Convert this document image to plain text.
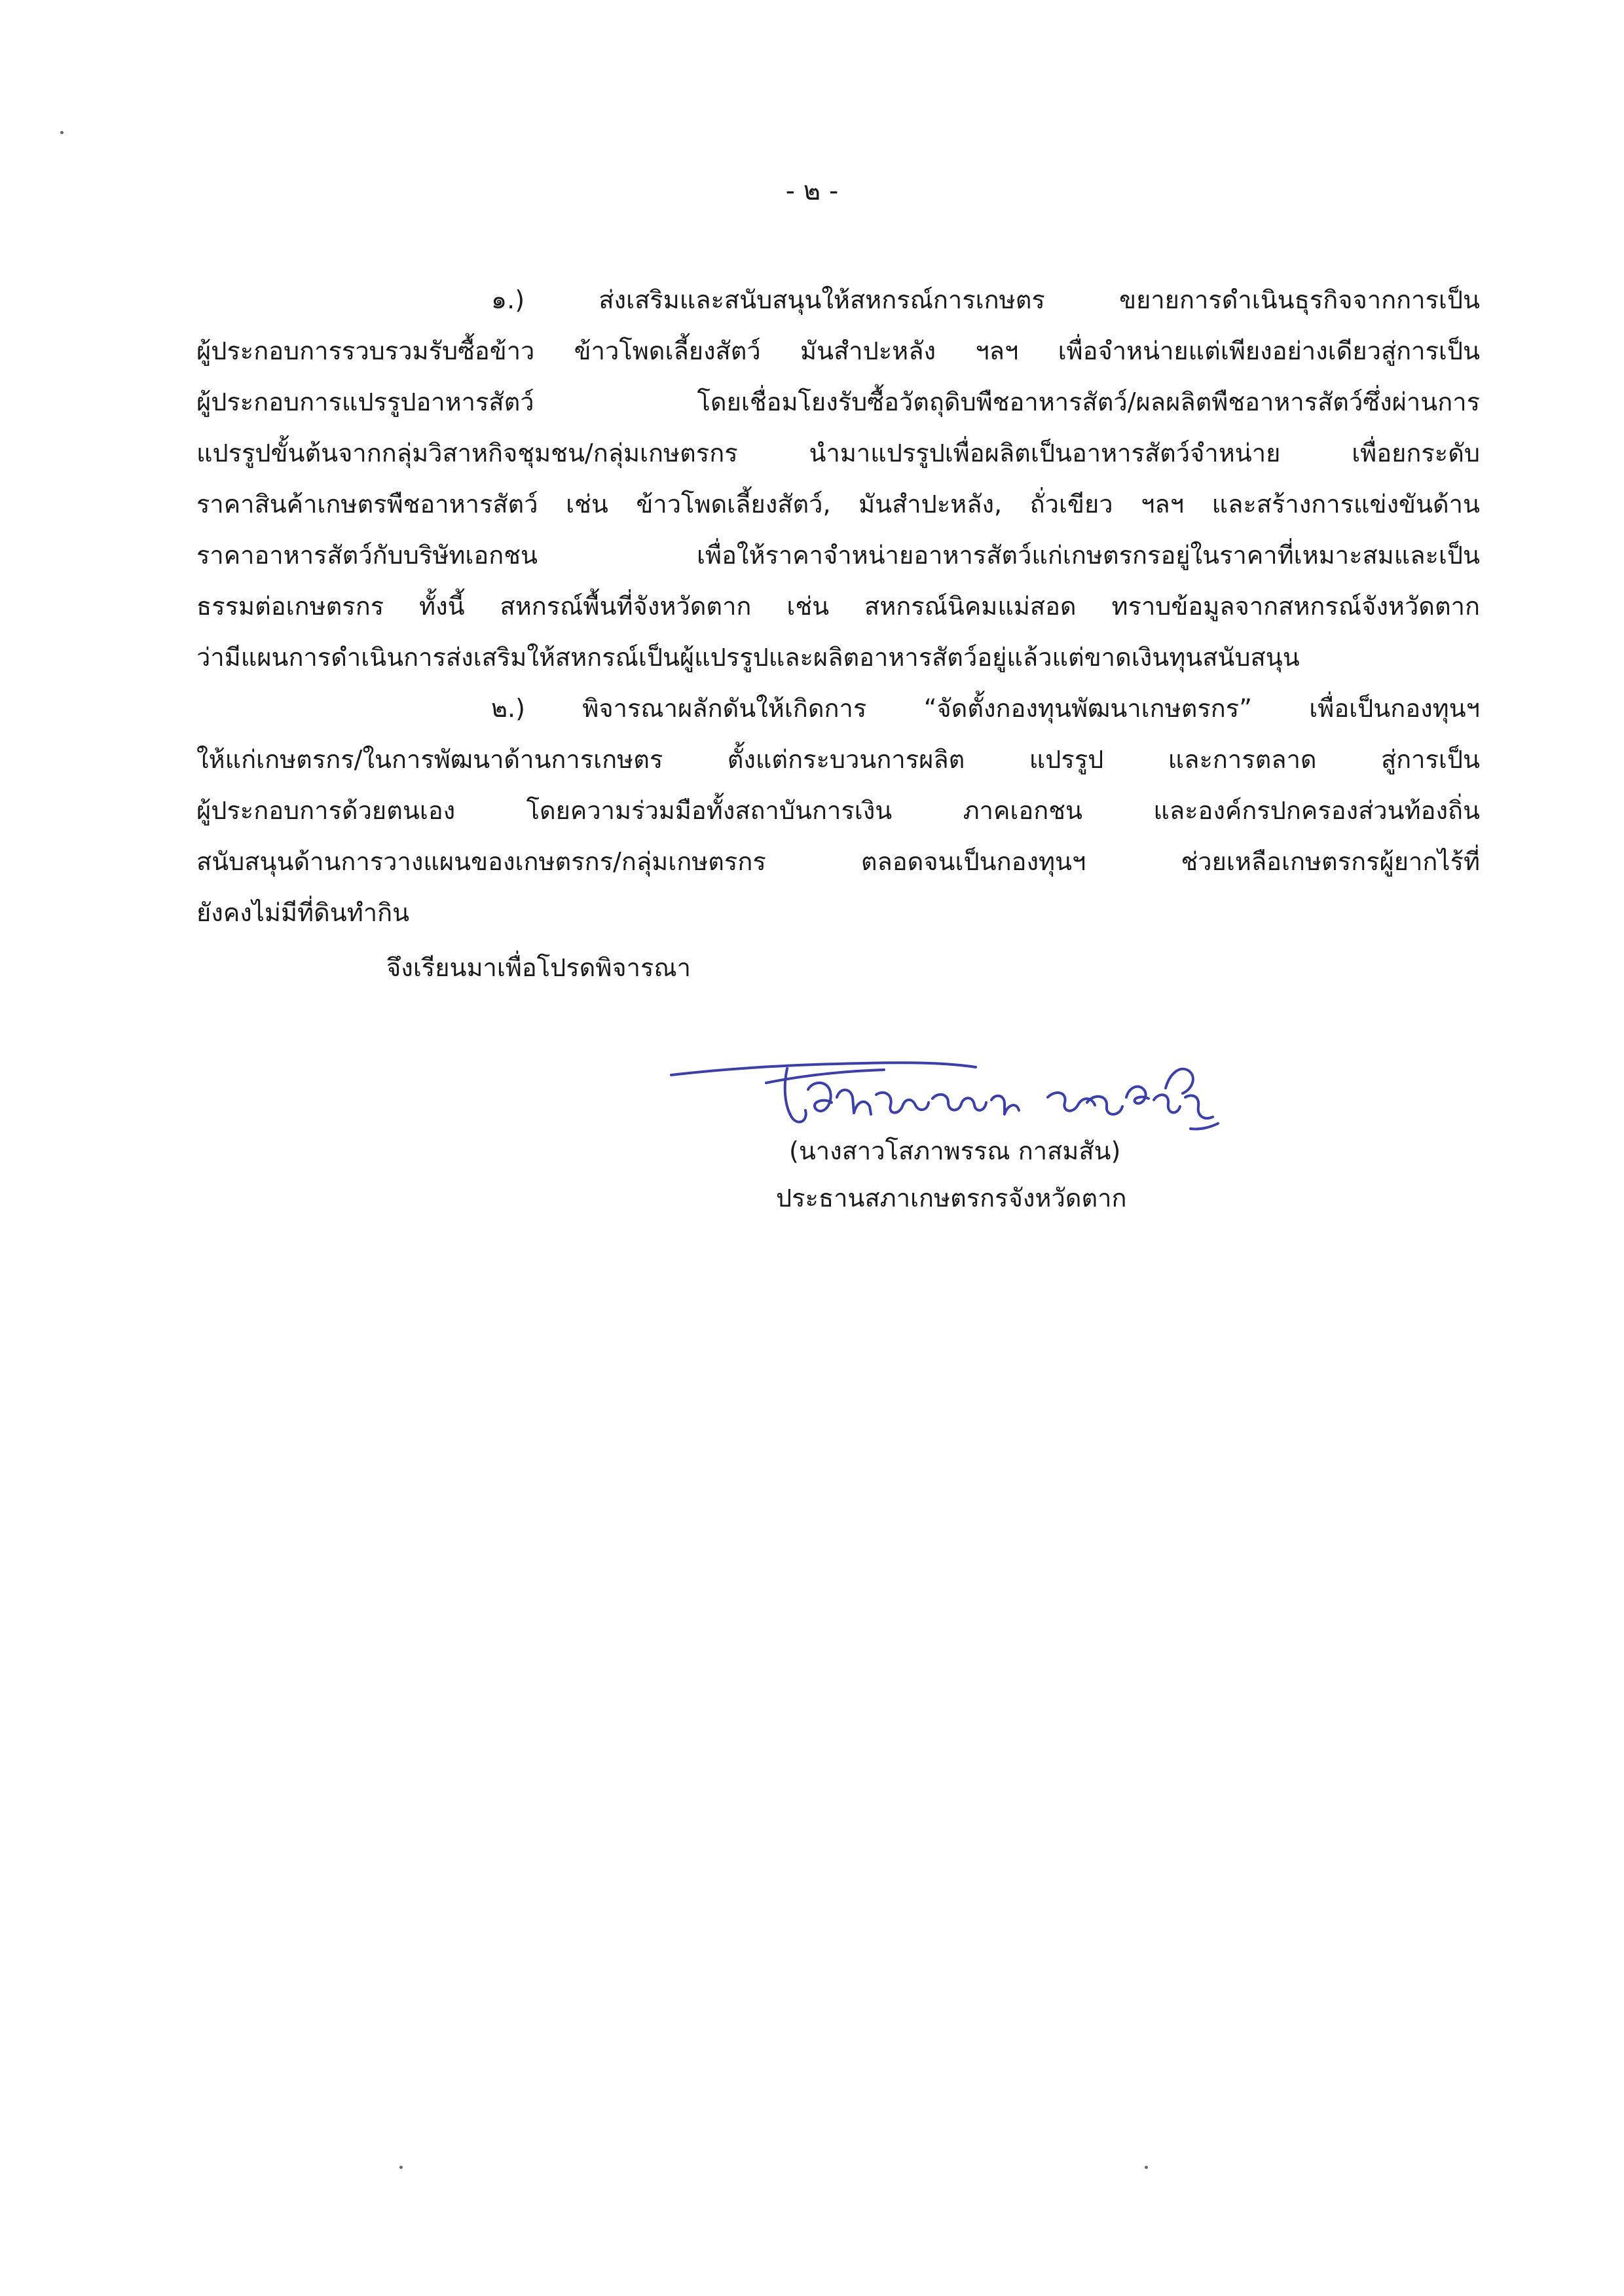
- ๒ -
๑.) ส่งเสริมและสนับสนุนให้สหกรณ์การเกษตร ขยายการดำเนินธุรกิจจากการเป็น
ผู้ประกอบการรวบรวมรับซื้อข้าว ข้าวโพดเลี้ยงสัตว์ มันสำปะหลัง ฯลฯ เพื่อจำหน่ายแต่เพียงอย่างเดียวสู่การเป็น
ผู้ประกอบการแปรรูปอาหารสัตว์ โดยเชื่อมโยงรับซื้อวัตถุดิบพืชอาหารสัตว์/ผลผลิตพืชอาหารสัตว์ซึ่งผ่านการ
แปรรูปขั้นต้นจากกลุ่มวิสาหกิจชุมชน/กลุ่มเกษตรกร นำมาแปรรูปเพื่อผลิตเป็นอาหารสัตว์จำหน่าย เพื่อยกระดับ
ราคาสินค้าเกษตรพืชอาหารสัตว์ เช่น ข้าวโพดเลี้ยงสัตว์, มันสำปะหลัง, ถั่วเขียว ฯลฯ และสร้างการแข่งขันด้าน
ราคาอาหารสัตว์กับบริษัทเอกชน เพื่อให้ราคาจำหน่ายอาหารสัตว์แก่เกษตรกรอยู่ในราคาที่เหมาะสมและเป็น
ธรรมต่อเกษตรกร ทั้งนี้ สหกรณ์พื้นที่จังหวัดตาก เช่น สหกรณ์นิคมแม่สอด ทราบข้อมูลจากสหกรณ์จังหวัดตาก
ว่ามีแผนการดำเนินการส่งเสริมให้สหกรณ์เป็นผู้แปรรูปและผลิตอาหารสัตว์อยู่แล้วแต่ขาดเงินทุนสนับสนุน
๒.) พิจารณาผลักดันให้เกิดการ “จัดตั้งกองทุนพัฒนาเกษตรกร” เพื่อเป็นกองทุนฯ
ให้แก่เกษตรกร/ในการพัฒนาด้านการเกษตร ตั้งแต่กระบวนการผลิต แปรรูป และการตลาด สู่การเป็น
ผู้ประกอบการด้วยตนเอง โดยความร่วมมือทั้งสถาบันการเงิน ภาคเอกชน และองค์กรปกครองส่วนท้องถิ่น
สนับสนุนด้านการวางแผนของเกษตรกร/กลุ่มเกษตรกร ตลอดจนเป็นกองทุนฯ ช่วยเหลือเกษตรกรผู้ยากไร้ที่
ยังคงไม่มีที่ดินทำกิน
จึงเรียนมาเพื่อโปรดพิจารณา
(นางสาวโสภาพรรณ กาสมสัน)
ประธานสภาเกษตรกรจังหวัดตาก
